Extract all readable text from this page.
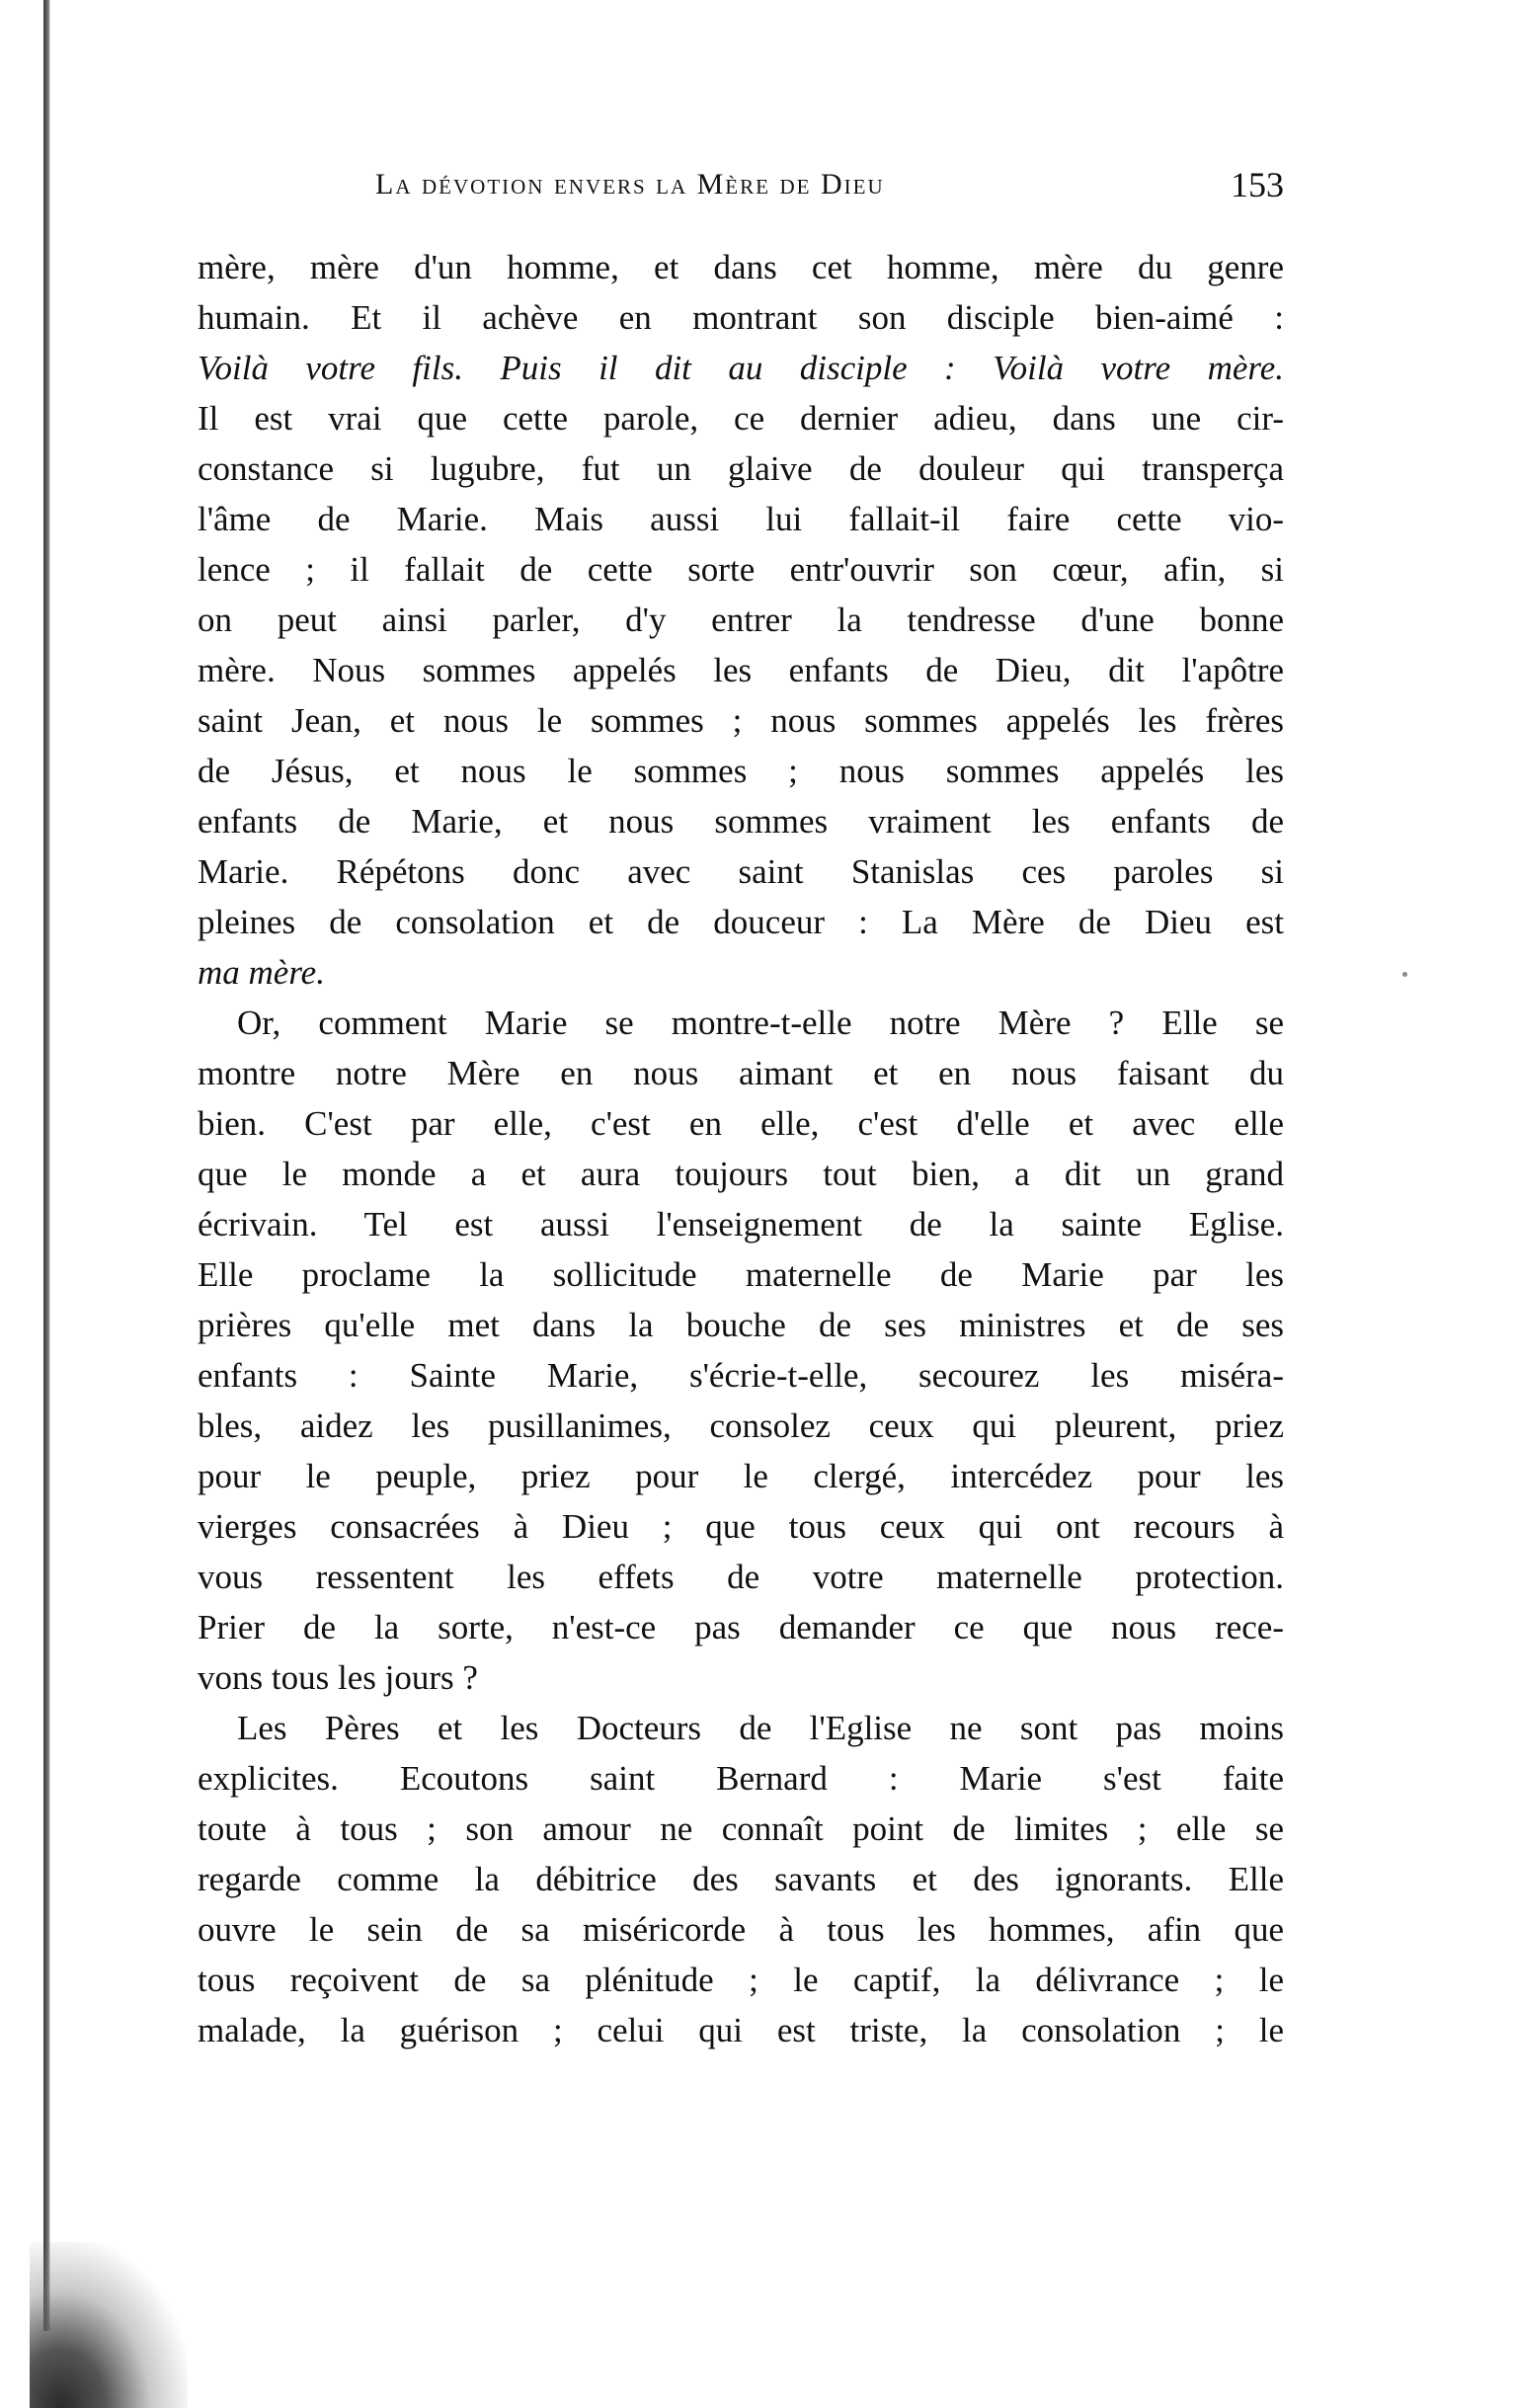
La dévotion envers la Mère de Dieu	153
mère, mère d'un homme, et dans cet homme, mère du genre
humain. Et il achève en montrant son disciple bien-aimé :
Voilà votre fils. Puis il dit au disciple : Voilà votre mère.
Il est vrai que cette parole, ce dernier adieu, dans une cir-
constance si lugubre, fut un glaive de douleur qui transperça
l'âme de Marie. Mais aussi lui fallait-il faire cette vio-
lence ; il fallait de cette sorte entr'ouvrir son cœur, afin, si
on peut ainsi parler, d'y entrer la tendresse d'une bonne
mère. Nous sommes appelés les enfants de Dieu, dit l'apôtre
saint Jean, et nous le sommes ; nous sommes appelés les frères
de Jésus, et nous le sommes ; nous sommes appelés les
enfants de Marie, et nous sommes vraiment les enfants de
Marie. Répétons donc avec saint Stanislas ces paroles si
pleines de consolation et de douceur : La Mère de Dieu est
ma mère.
Or, comment Marie se montre-t-elle notre Mère ? Elle se
montre notre Mère en nous aimant et en nous faisant du
bien. C'est par elle, c'est en elle, c'est d'elle et avec elle
que le monde a et aura toujours tout bien, a dit un grand
écrivain. Tel est aussi l'enseignement de la sainte Eglise.
Elle proclame la sollicitude maternelle de Marie par les
prières qu'elle met dans la bouche de ses ministres et de ses
enfants : Sainte Marie, s'écrie-t-elle, secourez les miséra-
bles, aidez les pusillanimes, consolez ceux qui pleurent, priez
pour le peuple, priez pour le clergé, intercédez pour les
vierges consacrées à Dieu ; que tous ceux qui ont recours à
vous ressentent les effets de votre maternelle protection.
Prier de la sorte, n'est-ce pas demander ce que nous rece-
vons tous les jours ?
Les Pères et les Docteurs de l'Eglise ne sont pas moins
explicites. Ecoutons saint Bernard : Marie s'est faite
toute à tous ; son amour ne connaît point de limites ; elle se
regarde comme la débitrice des savants et des ignorants. Elle
ouvre le sein de sa miséricorde à tous les hommes, afin que
tous reçoivent de sa plénitude ; le captif, la délivrance ; le
malade, la guérison ; celui qui est triste, la consolation ; le
